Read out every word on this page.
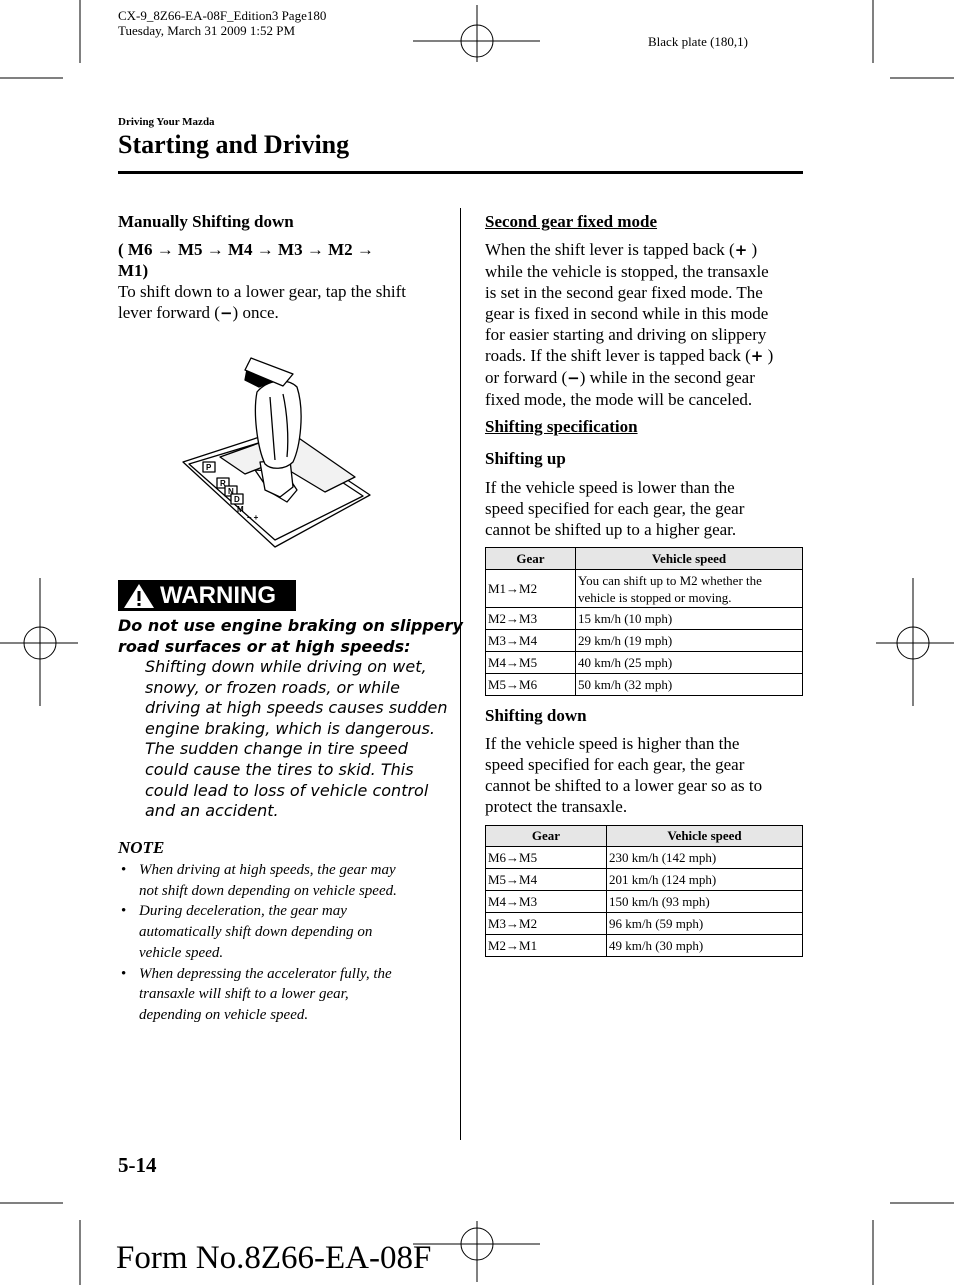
CX-9_8Z66-EA-08F_Edition3 Page180
Tuesday, March 31 2009 1:52 PM
Black plate (180,1)
Driving Your Mazda
Starting and Driving
Manually Shifting down
( M6 → M5 → M4 → M3 → M2 →
M1)
To shift down to a lower gear, tap the shift
lever forward (−) once.
P
R
N
D
M
– +
WARNING
Do not use engine braking on slippery
road surfaces or at high speeds:
Shifting down while driving on wet,
snowy, or frozen roads, or while
driving at high speeds causes sudden
engine braking, which is dangerous.
The sudden change in tire speed
could cause the tires to skid. This
could lead to loss of vehicle control
and an accident.
NOTE
• When driving at high speeds, the gear may
not shift down depending on vehicle speed.
• During deceleration, the gear may
automatically shift down depending on
vehicle speed.
• When depressing the accelerator fully, the
transaxle will shift to a lower gear,
depending on vehicle speed.
Second gear fixed mode
When the shift lever is tapped back (+ )
while the vehicle is stopped, the transaxle
is set in the second gear fixed mode. The
gear is fixed in second while in this mode
for easier starting and driving on slippery
roads. If the shift lever is tapped back (+ )
or forward (−) while in the second gear
fixed mode, the mode will be canceled.
Shifting specification
Shifting up
If the vehicle speed is lower than the
speed specified for each gear, the gear
cannot be shifted up to a higher gear.
Gear	Vehicle speed
M1→M2	You can shift up to M2 whether the vehicle is stopped or moving.
M2→M3	15 km/h (10 mph)
M3→M4	29 km/h (19 mph)
M4→M5	40 km/h (25 mph)
M5→M6	50 km/h (32 mph)
Shifting down
If the vehicle speed is higher than the
speed specified for each gear, the gear
cannot be shifted to a lower gear so as to
protect the transaxle.
Gear	Vehicle speed
M6→M5	230 km/h (142 mph)
M5→M4	201 km/h (124 mph)
M4→M3	150 km/h (93 mph)
M3→M2	96 km/h (59 mph)
M2→M1	49 km/h (30 mph)
5-14
Form No.8Z66-EA-08F
